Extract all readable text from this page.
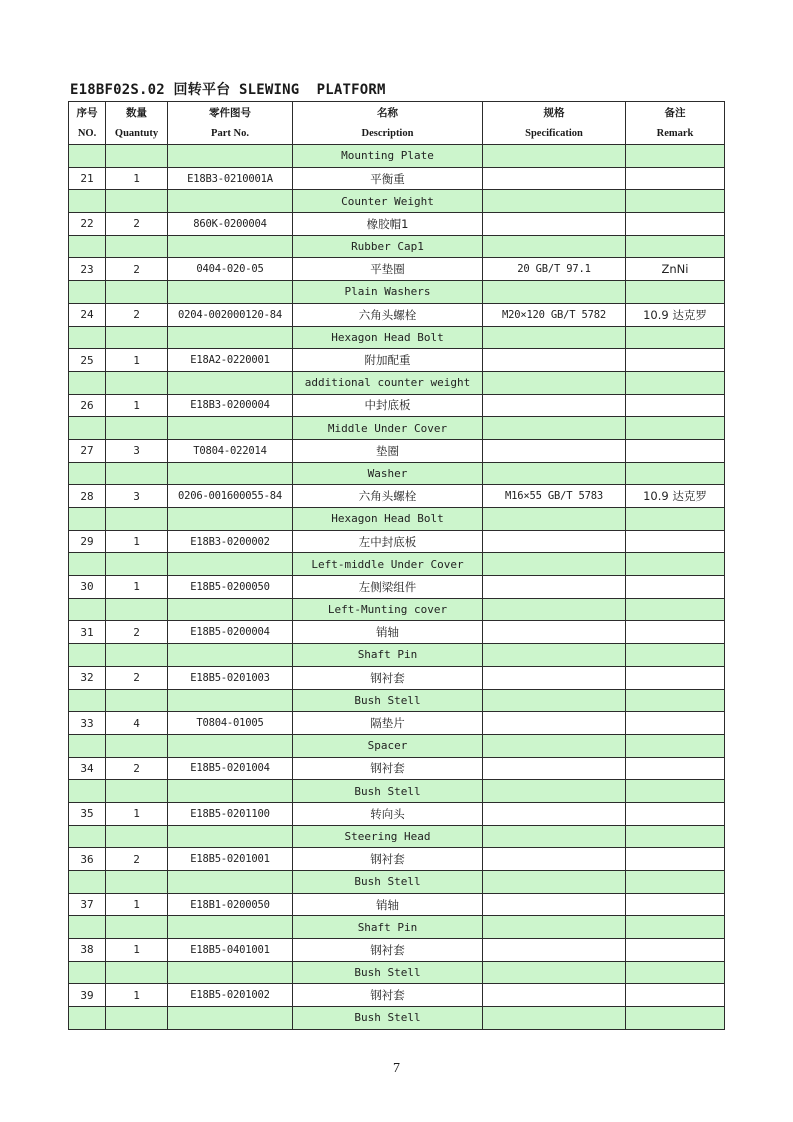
E18BF02S.02 回转平台 SLEWING  PLATFORM
序号	数量	零件图号	名称	规格	备注
NO.	Quantuty	Part No.	Description	Specification	Remark
			Mounting Plate		
21	1	E18B3-0210001A	平衡重		
			Counter Weight		
22	2	860K-0200004	橡胶帽1		
			Rubber Cap1		
23	2	0404-020-05	平垫圈	20 GB/T 97.1	ZnNi
			Plain Washers		
24	2	0204-002000120-84	六角头螺栓	M20×120 GB/T 5782	10.9 达克罗
			Hexagon Head Bolt		
25	1	E18A2-0220001	附加配重		
			additional counter weight		
26	1	E18B3-0200004	中封底板		
			Middle Under Cover		
27	3	T0804-022014	垫圈		
			Washer		
28	3	0206-001600055-84	六角头螺栓	M16×55 GB/T 5783	10.9 达克罗
			Hexagon Head Bolt		
29	1	E18B3-0200002	左中封底板		
			Left-middle Under Cover		
30	1	E18B5-0200050	左侧梁组件		
			Left-Munting cover		
31	2	E18B5-0200004	销轴		
			Shaft Pin		
32	2	E18B5-0201003	钢衬套		
			Bush Stell		
33	4	T0804-01005	隔垫片		
			Spacer		
34	2	E18B5-0201004	钢衬套		
			Bush Stell		
35	1	E18B5-0201100	转向头		
			Steering Head		
36	2	E18B5-0201001	钢衬套		
			Bush Stell		
37	1	E18B1-0200050	销轴		
			Shaft Pin		
38	1	E18B5-0401001	钢衬套		
			Bush Stell		
39	1	E18B5-0201002	钢衬套		
			Bush Stell		
7
